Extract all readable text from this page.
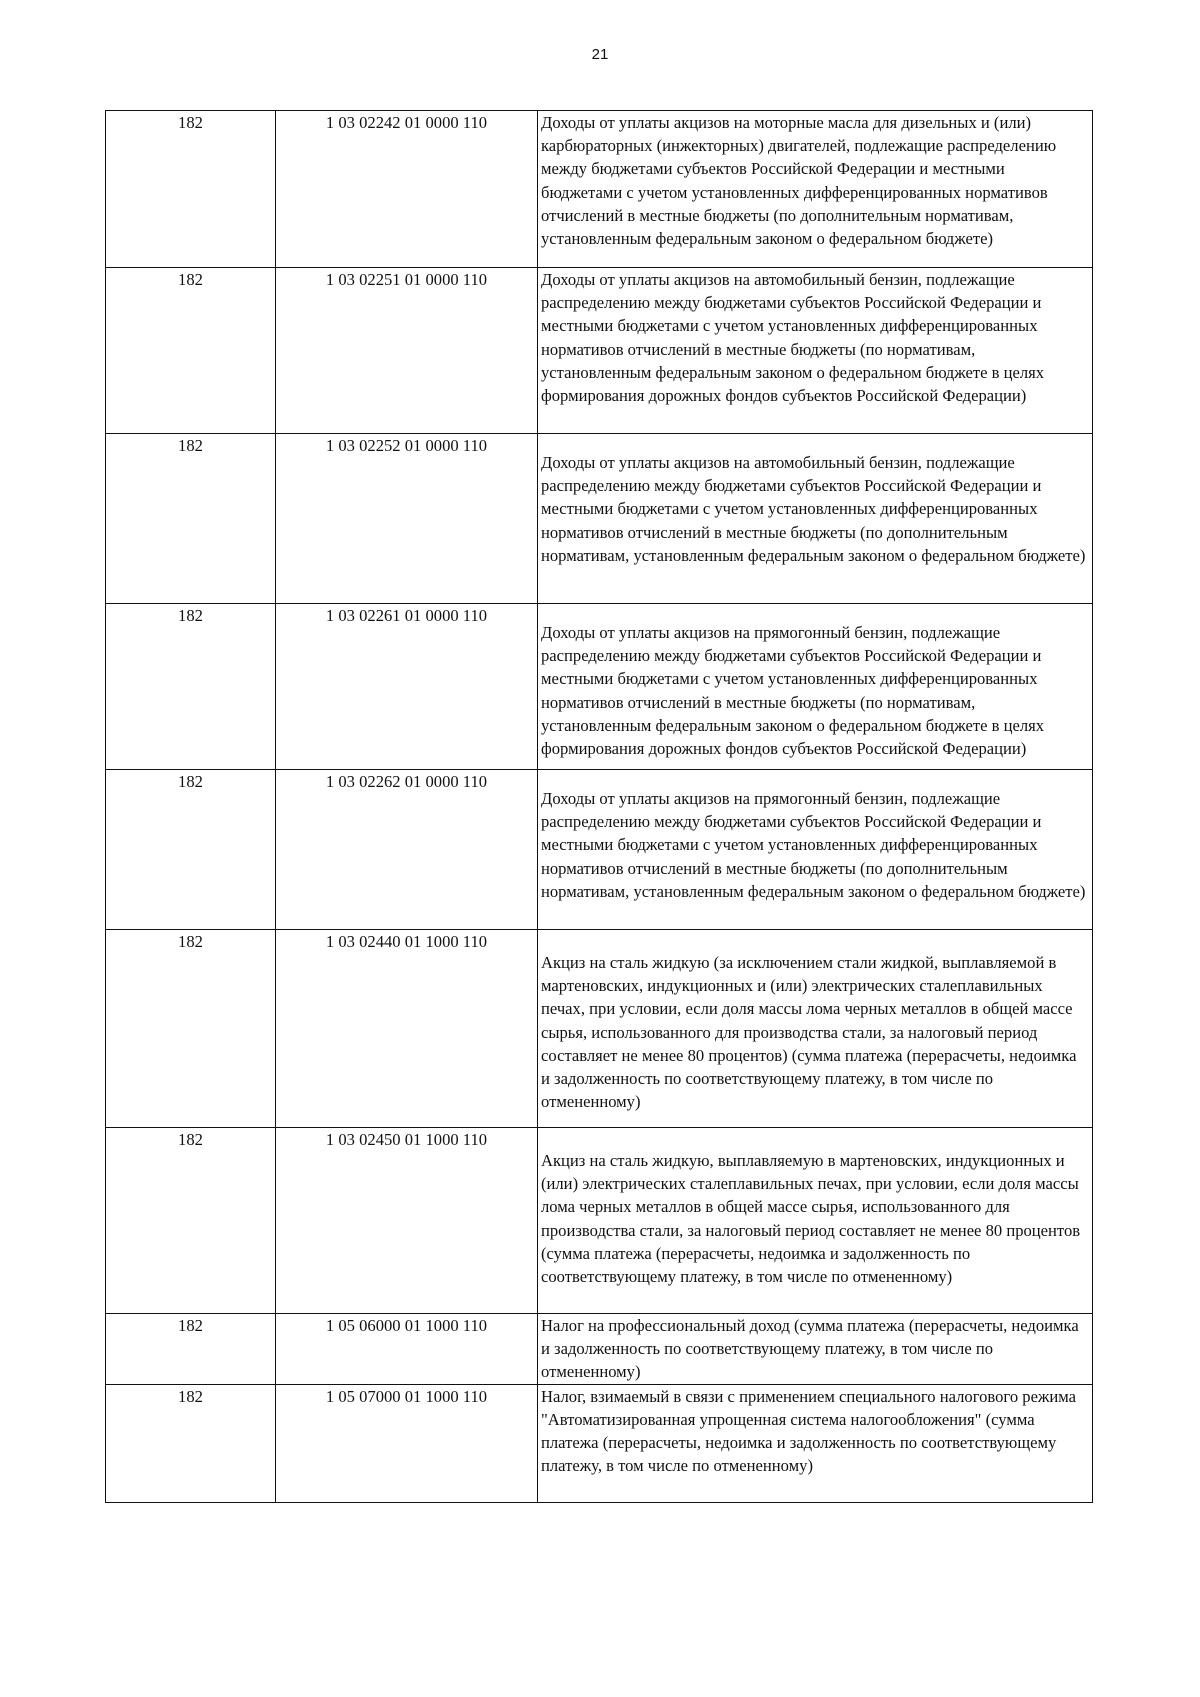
21
182	1 03 02242 01 0000 110	Доходы от уплаты акцизов на моторные масла для дизельных и (или) карбюраторных (инжекторных) двигателей, подлежащие распределению между бюджетами субъектов Российской Федерации и местными бюджетами с учетом установленных дифференцированных нормативов отчислений в местные бюджеты (по дополнительным нормативам, установленным федеральным законом о федеральном бюджете)
182	1 03 02251 01 0000 110	Доходы от уплаты акцизов на автомобильный бензин, подлежащие распределению между бюджетами субъектов Российской Федерации и местными бюджетами с учетом установленных дифференцированных нормативов отчислений в местные бюджеты (по нормативам, установленным федеральным законом о федеральном бюджете в целях формирования дорожных фондов субъектов Российской Федерации)
182	1 03 02252 01 0000 110	Доходы от уплаты акцизов на автомобильный бензин, подлежащие распределению между бюджетами субъектов Российской Федерации и местными бюджетами с учетом установленных дифференцированных нормативов отчислений в местные бюджеты (по дополнительным нормативам, установленным федеральным законом о федеральном бюджете)
182	1 03 02261 01 0000 110	Доходы от уплаты акцизов на прямогонный бензин, подлежащие распределению между бюджетами субъектов Российской Федерации и местными бюджетами с учетом установленных дифференцированных нормативов отчислений в местные бюджеты (по нормативам, установленным федеральным законом о федеральном бюджете в целях формирования дорожных фондов субъектов Российской Федерации)
182	1 03 02262 01 0000 110	Доходы от уплаты акцизов на прямогонный бензин, подлежащие распределению между бюджетами субъектов Российской Федерации и местными бюджетами с учетом установленных дифференцированных нормативов отчислений в местные бюджеты (по дополнительным нормативам, установленным федеральным законом о федеральном бюджете)
182	1 03 02440 01 1000 110	Акциз на сталь жидкую (за исключением стали жидкой, выплавляемой в мартеновских, индукционных и (или) электрических сталеплавильных печах, при условии, если доля массы лома черных металлов в общей массе сырья, использованного для производства стали, за налоговый период составляет не менее 80 процентов) (сумма платежа (перерасчеты, недоимка и задолженность по соответствующему платежу, в том числе по отмененному)
182	1 03 02450 01 1000 110	Акциз на сталь жидкую, выплавляемую в мартеновских, индукционных и (или) электрических сталеплавильных печах, при условии, если доля массы лома черных металлов в общей массе сырья, использованного для производства стали, за налоговый период составляет не менее 80 процентов (сумма платежа (перерасчеты, недоимка и задолженность по соответствующему платежу, в том числе по отмененному)
182	1 05 06000 01 1000 110	Налог на профессиональный доход (сумма платежа (перерасчеты, недоимка и задолженность по соответствующему платежу, в том числе по отмененному)
182	1 05 07000 01 1000 110	Налог, взимаемый в связи с применением специального налогового режима "Автоматизированная упрощенная система налогообложения" (сумма платежа (перерасчеты, недоимка и задолженность по соответствующему платежу, в том числе по отмененному)
